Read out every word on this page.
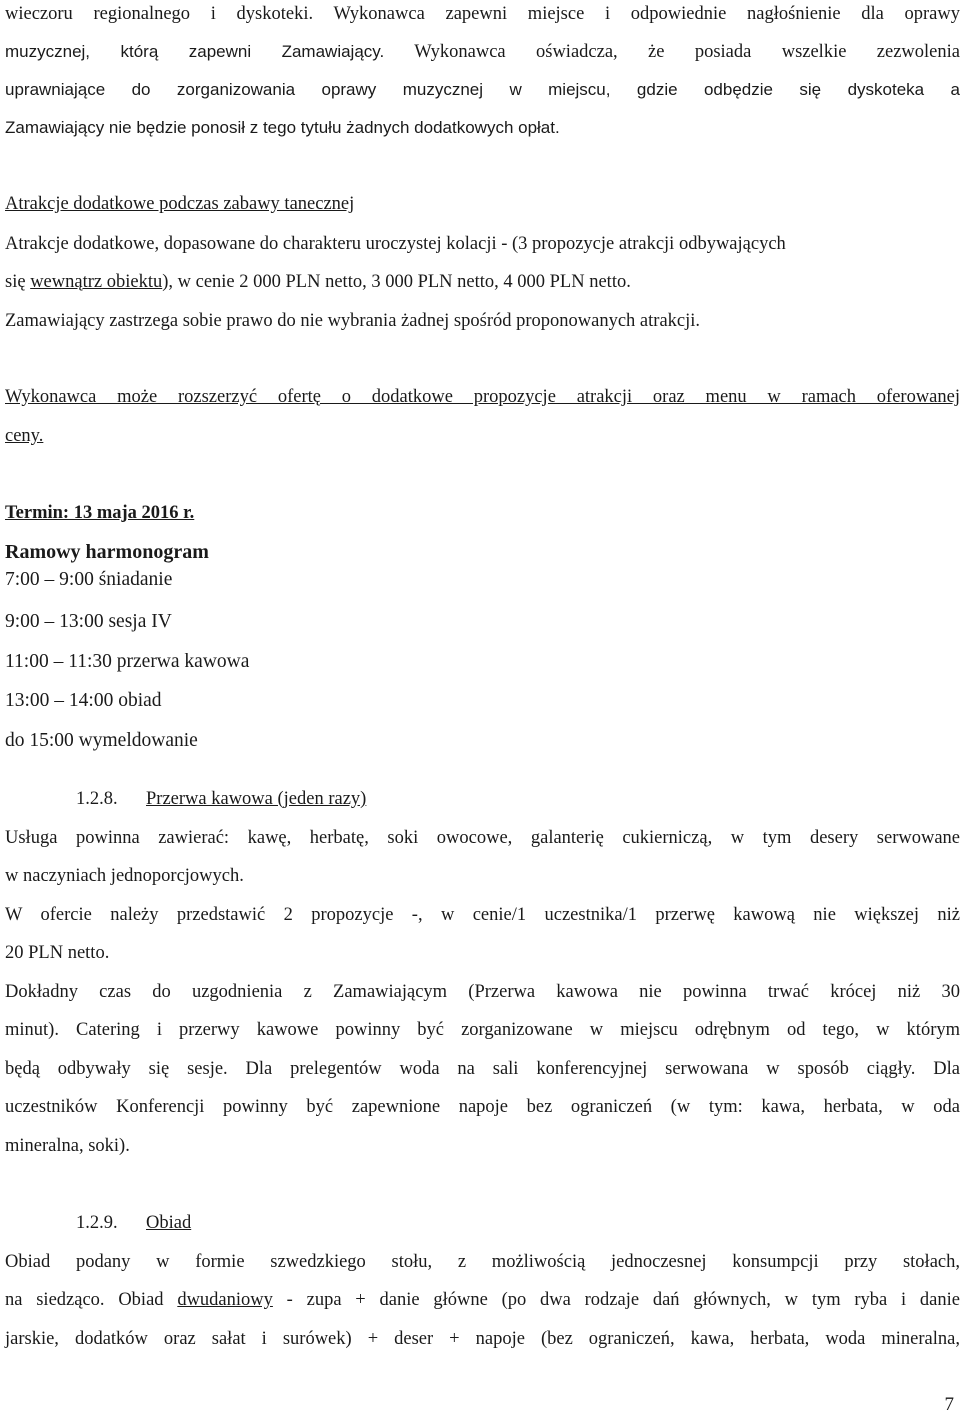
wieczoru regionalnego i dyskoteki. Wykonawca zapewni miejsce i odpowiednie nagłośnienie dla oprawy
muzycznej, którą zapewni Zamawiający. Wykonawca oświadcza, że posiada wszelkie zezwolenia
uprawniające do zorganizowania oprawy muzycznej w miejscu, gdzie odbędzie się dyskoteka a
Zamawiający nie będzie ponosił z tego tytułu żadnych dodatkowych opłat.
Atrakcje dodatkowe podczas zabawy tanecznej
Atrakcje dodatkowe, dopasowane do charakteru uroczystej kolacji - (3 propozycje atrakcji odbywających
się wewnątrz obiektu), w cenie 2 000 PLN netto, 3 000 PLN netto, 4 000 PLN netto.
Zamawiający zastrzega sobie prawo do nie wybrania żadnej spośród proponowanych atrakcji.
Wykonawca może rozszerzyć ofertę o dodatkowe propozycje atrakcji oraz menu w ramach oferowanej
ceny.
Termin: 13 maja 2016 r.
Ramowy harmonogram
7:00 – 9:00 śniadanie
9:00 – 13:00 sesja IV
11:00 – 11:30 przerwa kawowa
13:00 – 14:00 obiad
do 15:00 wymeldowanie
1.2.8. Przerwa kawowa (jeden razy)
Usługa powinna zawierać: kawę, herbatę, soki owocowe, galanterię cukierniczą, w tym desery serwowane
w naczyniach jednoporcjowych.
W ofercie należy przedstawić 2 propozycje -, w cenie/1 uczestnika/1 przerwę kawową nie większej niż
20 PLN netto.
Dokładny czas do uzgodnienia z Zamawiającym (Przerwa kawowa nie powinna trwać krócej niż 30
minut). Catering i przerwy kawowe powinny być zorganizowane w miejscu odrębnym od tego, w którym
będą odbywały się sesje. Dla prelegentów woda na sali konferencyjnej serwowana w sposób ciągły. Dla
uczestników Konferencji powinny być zapewnione napoje bez ograniczeń (w tym: kawa, herbata, w oda
mineralna, soki).
1.2.9. Obiad
Obiad podany w formie szwedzkiego stołu, z możliwością jednoczesnej konsumpcji przy stołach,
na siedząco. Obiad dwudaniowy - zupa + danie główne (po dwa rodzaje dań głównych, w tym ryba i danie
jarskie, dodatków oraz sałat i surówek) + deser + napoje (bez ograniczeń, kawa, herbata, woda mineralna,
7
